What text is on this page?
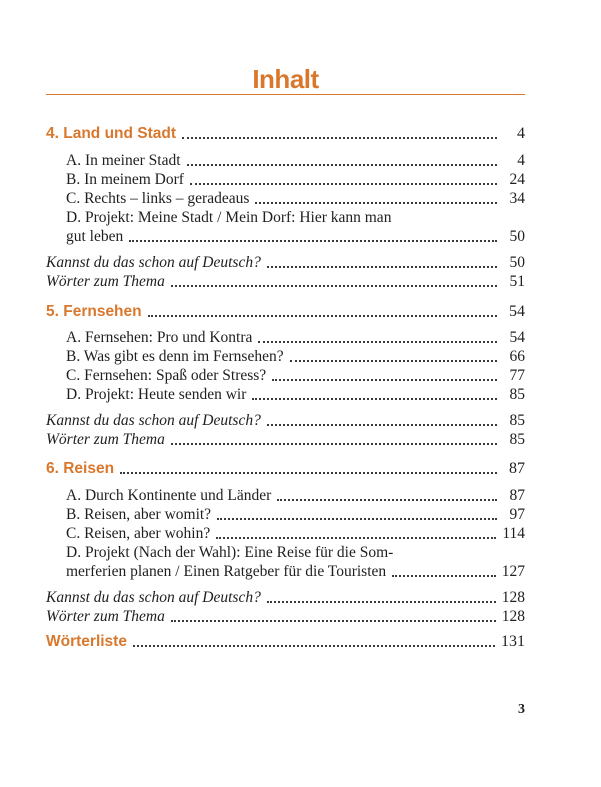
Inhalt
4. Land und Stadt	4
A. In meiner Stadt	4
B. In meinem Dorf	24
C. Rechts – links – geradeaus	34
D. Projekt: Meine Stadt / Mein Dorf: Hier kann man
gut leben	50
Kannst du das schon auf Deutsch?	50
Wörter zum Thema	51
5. Fernsehen	54
A. Fernsehen: Pro und Kontra	54
B. Was gibt es denn im Fernsehen?	66
C. Fernsehen: Spaß oder Stress?	77
D. Projekt: Heute senden wir	85
Kannst du das schon auf Deutsch?	85
Wörter zum Thema	85
6. Reisen	87
A. Durch Kontinente und Länder	87
B. Reisen, aber womit?	97
C. Reisen, aber wohin?	114
D. Projekt (Nach der Wahl): Eine Reise für die Som-
merferien planen / Einen Ratgeber für die Touristen	127
Kannst du das schon auf Deutsch?	128
Wörter zum Thema	128
Wörterliste	131
3
